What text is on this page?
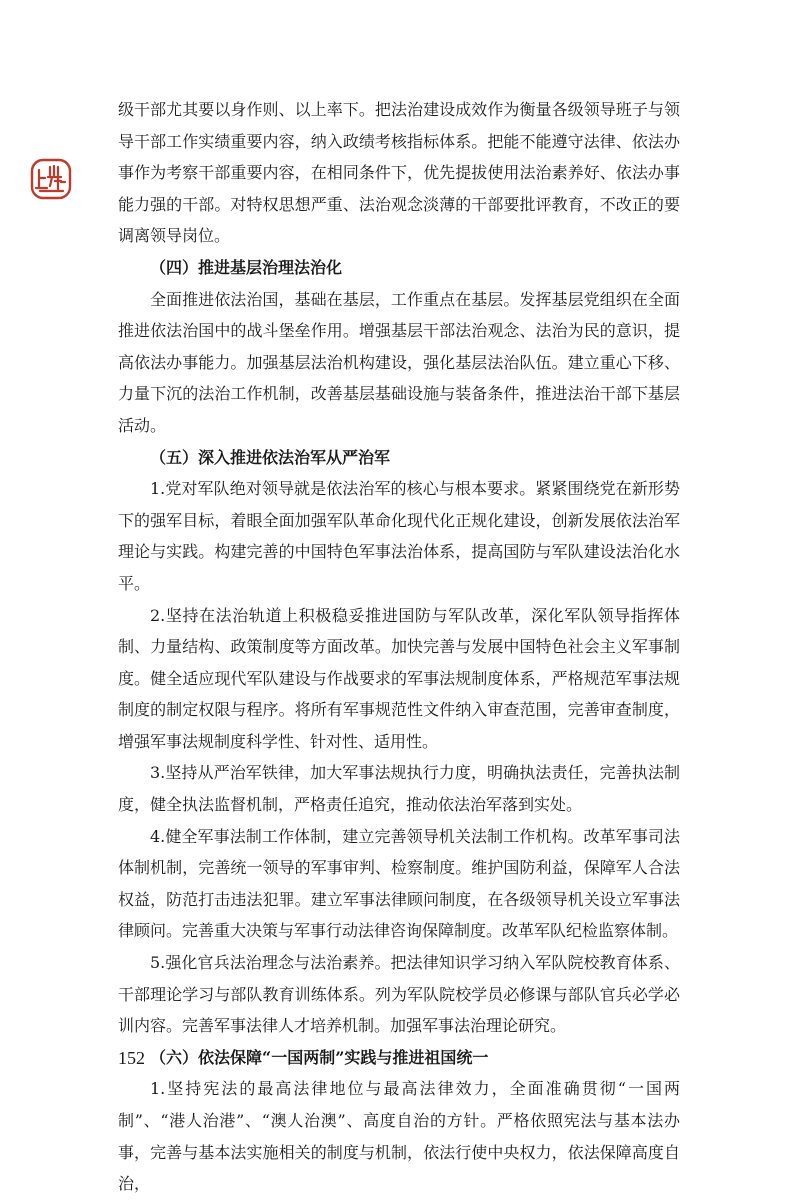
级干部尤其要以身作则、以上率下。把法治建设成效作为衡量各级领导班子与领导干部工作实绩重要内容，纳入政绩考核指标体系。把能不能遵守法律、依法办事作为考察干部重要内容，在相同条件下，优先提拔使用法治素养好、依法办事能力强的干部。对特权思想严重、法治观念淡薄的干部要批评教育，不改正的要调离领导岗位。

（四）推进基层治理法治化

全面推进依法治国，基础在基层，工作重点在基层。发挥基层党组织在全面推进依法治国中的战斗堡垒作用。增强基层干部法治观念、法治为民的意识，提高依法办事能力。加强基层法治机构建设，强化基层法治队伍。建立重心下移、力量下沉的法治工作机制，改善基层基础设施与装备条件，推进法治干部下基层活动。

（五）深入推进依法治军从严治军

1.党对军队绝对领导就是依法治军的核心与根本要求。紧紧围绕党在新形势下的强军目标，着眼全面加强军队革命化现代化正规化建设，创新发展依法治军理论与实践。构建完善的中国特色军事法治体系，提高国防与军队建设法治化水平。

2.坚持在法治轨道上积极稳妥推进国防与军队改革，深化军队领导指挥体制、力量结构、政策制度等方面改革。加快完善与发展中国特色社会主义军事制度。健全适应现代军队建设与作战要求的军事法规制度体系，严格规范军事法规制度的制定权限与程序。将所有军事规范性文件纳入审查范围，完善审查制度，增强军事法规制度科学性、针对性、适用性。

3.坚持从严治军铁律，加大军事法规执行力度，明确执法责任，完善执法制度，健全执法监督机制，严格责任追究，推动依法治军落到实处。

4.健全军事法制工作体制，建立完善领导机关法制工作机构。改革军事司法体制机制，完善统一领导的军事审判、检察制度。维护国防利益，保障军人合法权益，防范打击违法犯罪。建立军事法律顾问制度，在各级领导机关设立军事法律顾问。完善重大决策与军事行动法律咨询保障制度。改革军队纪检监察体制。

5.强化官兵法治理念与法治素养。把法律知识学习纳入军队院校教育体系、干部理论学习与部队教育训练体系。列为军队院校学员必修课与部队官兵必学必训内容。完善军事法律人才培养机制。加强军事法治理论研究。

（六）依法保障“一国两制”实践与推进祖国统一

1.坚持宪法的最高法律地位与最高法律效力，全面准确贯彻“一国两制”、“港人治港”、“澳人治澳”、高度自治的方针。严格依照宪法与基本法办事，完善与基本法实施相关的制度与机制，依法行使中央权力，依法保障高度自治，

152
